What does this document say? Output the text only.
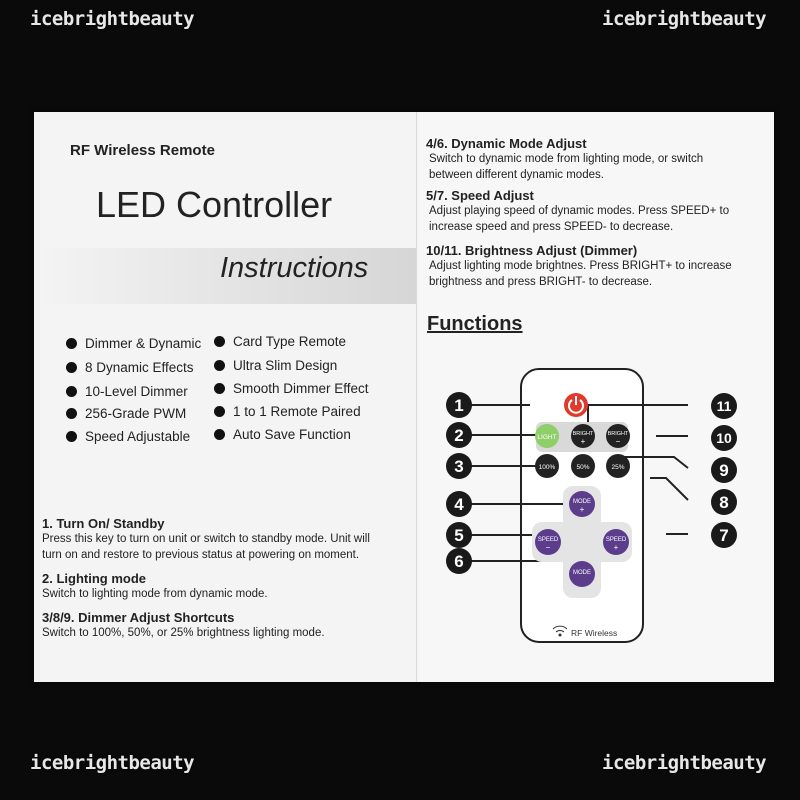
icebrightbeauty	icebrightbeauty
icebrightbeauty	icebrightbeauty
RF Wireless Remote
LED Controller
Instructions
Dimmer & Dynamic
8 Dynamic Effects
10-Level Dimmer
256-Grade PWM
Speed Adjustable
Card Type Remote
Ultra Slim Design
Smooth Dimmer Effect
1 to 1 Remote Paired
Auto Save Function
1. Turn On/ Standby
Press this key to turn on unit or switch to standby mode. Unit will
turn on and restore to previous status at powering on moment.
2. Lighting mode
Switch to lighting mode from dynamic mode.
3/8/9. Dimmer Adjust Shortcuts
Switch to 100%, 50%, or 25% brightness lighting mode.
4/6. Dynamic Mode Adjust
Switch to dynamic mode from lighting mode, or switch
between different dynamic modes.
5/7. Speed Adjust
Adjust playing speed of dynamic modes. Press SPEED+ to
increase speed and press SPEED- to decrease.
10/11. Brightness Adjust (Dimmer)
Adjust lighting mode brightnes. Press BRIGHT+ to increase
brightness and press BRIGHT- to decrease.
Functions
1
2
3
4
5
6
7
9
8
10
11
LIGHT	BRIGHT
+
BRIGHT
−
100%	50%	25%
MODE
+
SPEED
−
SPEED
+
MODE
RF Wireless
